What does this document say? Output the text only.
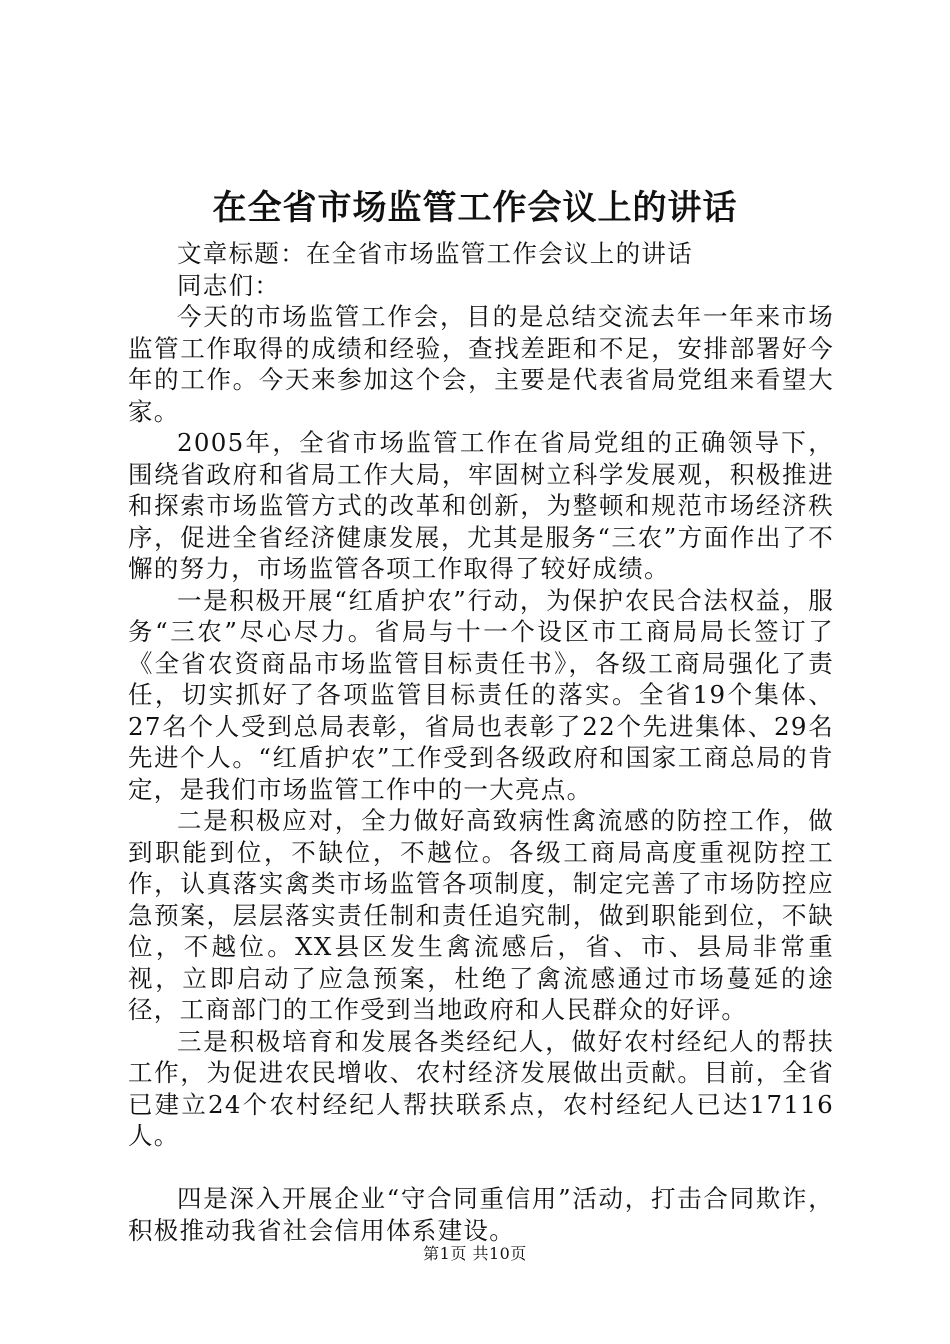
在全省市场监管工作会议上的讲话

文章标题：在全省市场监管工作会议上的讲话

同志们：

今天的市场监管工作会，目的是总结交流去年一年来市场监管工作取得的成绩和经验，查找差距和不足，安排部署好今年的工作。今天来参加这个会，主要是代表省局党组来看望大家。

2005年，全省市场监管工作在省局党组的正确领导下，围绕省政府和省局工作大局，牢固树立科学发展观，积极推进和探索市场监管方式的改革和创新，为整顿和规范市场经济秩序，促进全省经济健康发展，尤其是服务“三农”方面作出了不懈的努力，市场监管各项工作取得了较好成绩。

一是积极开展“红盾护农”行动，为保护农民合法权益，服务“三农”尽心尽力。省局与十一个设区市工商局局长签订了《全省农资商品市场监管目标责任书》，各级工商局强化了责任，切实抓好了各项监管目标责任的落实。全省19个集体、27名个人受到总局表彰，省局也表彰了22个先进集体、29名先进个人。“红盾护农”工作受到各级政府和国家工商总局的肯定，是我们市场监管工作中的一大亮点。

二是积极应对，全力做好高致病性禽流感的防控工作，做到职能到位，不缺位，不越位。各级工商局高度重视防控工作，认真落实禽类市场监管各项制度，制定完善了市场防控应急预案，层层落实责任制和责任追究制，做到职能到位，不缺位，不越位。XX县区发生禽流感后，省、市、县局非常重视，立即启动了应急预案，杜绝了禽流感通过市场蔓延的途径，工商部门的工作受到当地政府和人民群众的好评。

三是积极培育和发展各类经纪人，做好农村经纪人的帮扶工作，为促进农民增收、农村经济发展做出贡献。目前，全省已建立24个农村经纪人帮扶联系点，农村经纪人已达17116人。

四是深入开展企业“守合同重信用”活动，打击合同欺诈，积极推动我省社会信用体系建设。

第1页 共10页
